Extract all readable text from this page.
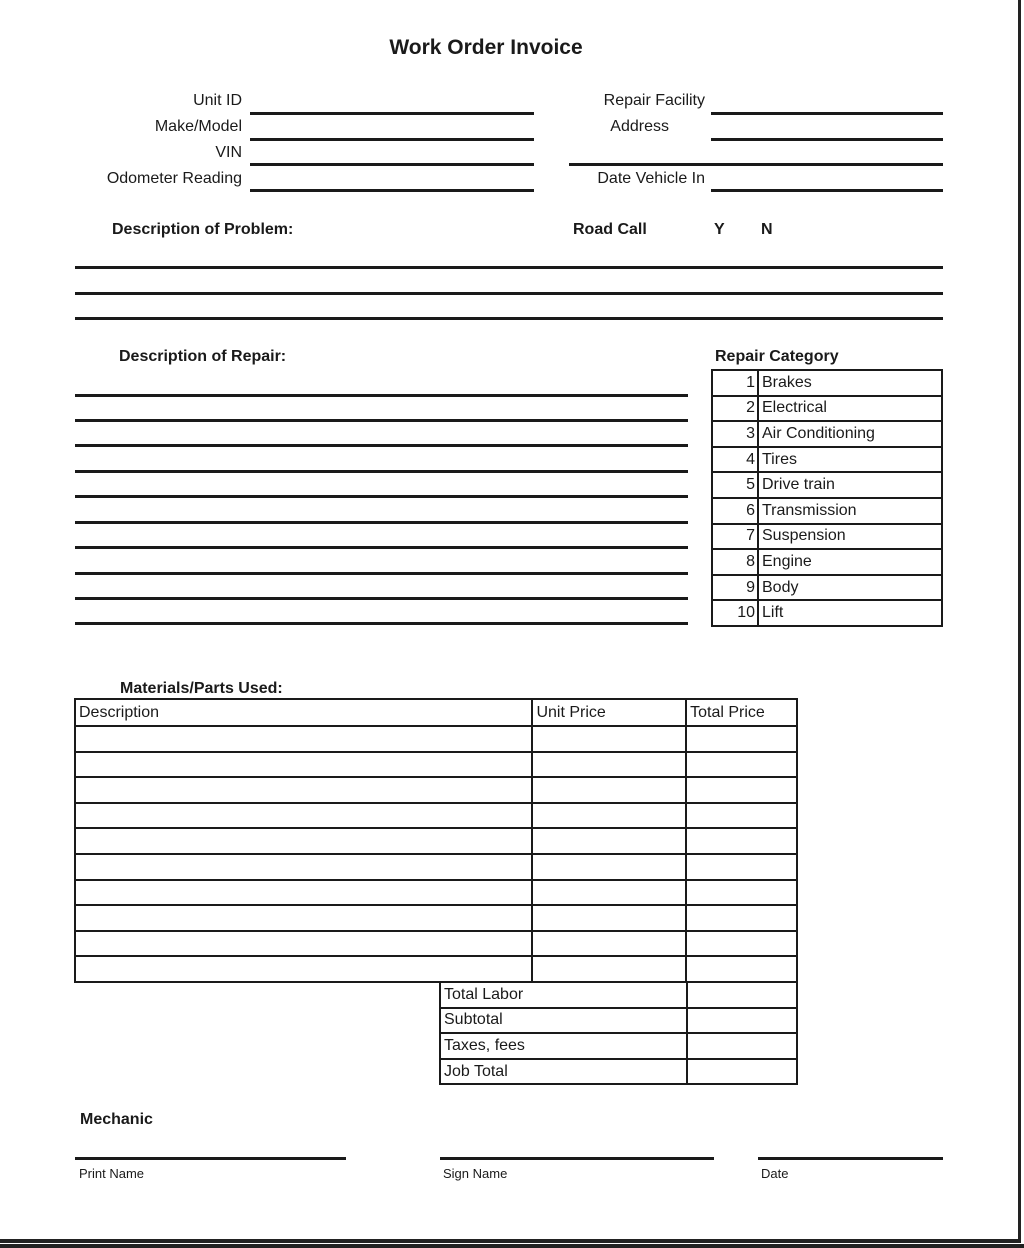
Work Order Invoice
Unit ID
Make/Model
VIN
Odometer Reading
Repair Facility
Address
Date Vehicle In
Description of Problem:	Road Call	Y N
Description of Repair:	Repair Category
1	Brakes
2	Electrical
3	Air Conditioning
4	Tires
5	Drive train
6	Transmission
7	Suspension
8	Engine
9	Body
10	Lift
Materials/Parts Used:
Description	Unit Price	Total Price

Total Labor	
Subtotal	
Taxes, fees	
Job Total	
Mechanic
Print Name	Sign Name	Date
